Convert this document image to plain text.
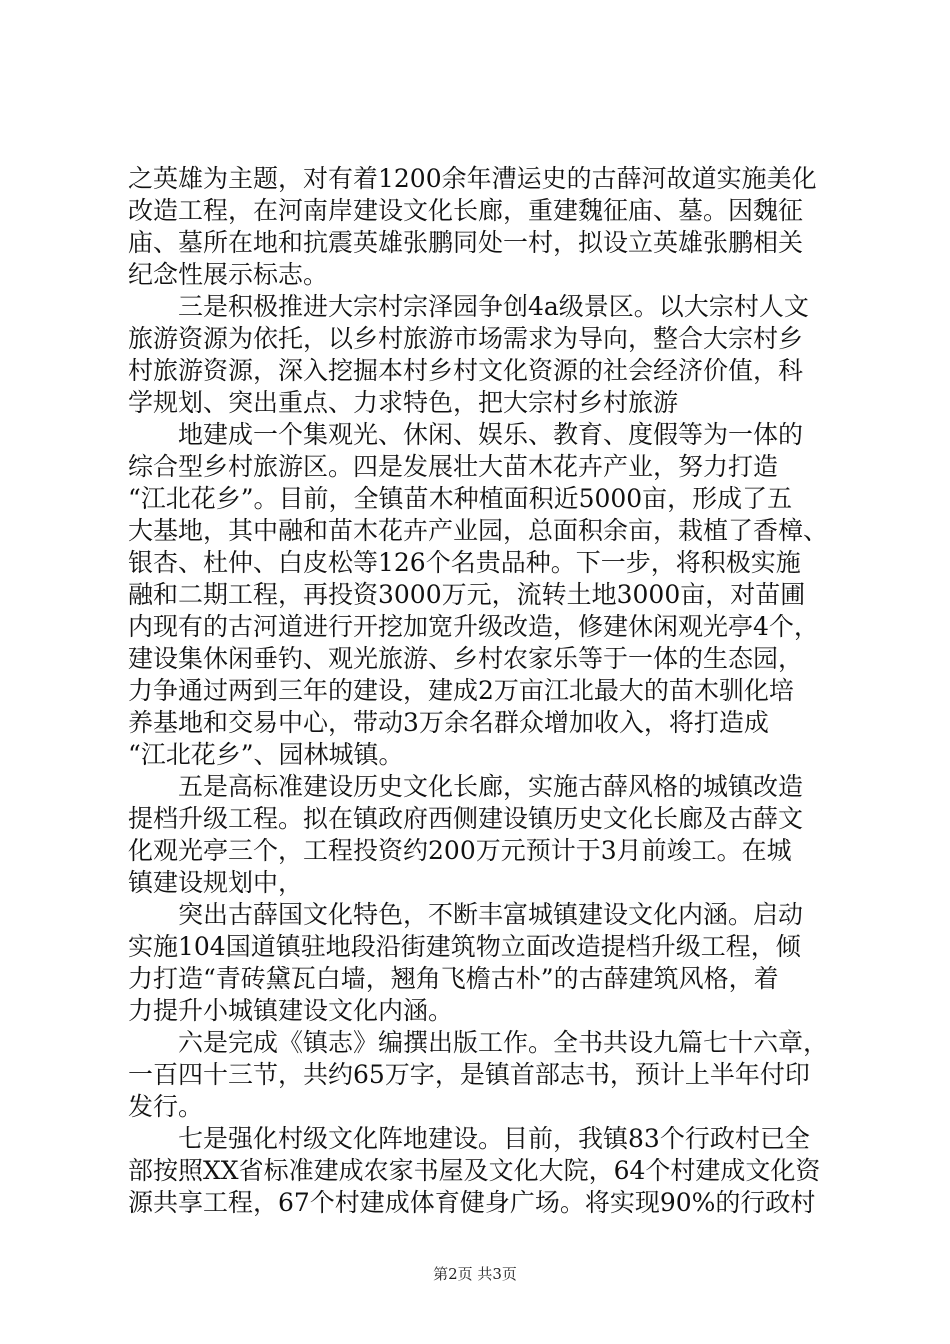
之英雄为主题，对有着1200余年漕运史的古薛河故道实施美化
改造工程，在河南岸建设文化长廊，重建魏征庙、墓。因魏征
庙、墓所在地和抗震英雄张鹏同处一村，拟设立英雄张鹏相关
纪念性展示标志。
三是积极推进大宗村宗泽园争创4a级景区。以大宗村人文
旅游资源为依托，以乡村旅游市场需求为导向，整合大宗村乡
村旅游资源，深入挖掘本村乡村文化资源的社会经济价值，科
学规划、突出重点、力求特色，把大宗村乡村旅游
地建成一个集观光、休闲、娱乐、教育、度假等为一体的
综合型乡村旅游区。四是发展壮大苗木花卉产业，努力打造
“江北花乡”。目前，全镇苗木种植面积近5000亩，形成了五
大基地，其中融和苗木花卉产业园，总面积余亩，栽植了香樟、
银杏、杜仲、白皮松等126个名贵品种。下一步，将积极实施
融和二期工程，再投资3000万元，流转土地3000亩，对苗圃
内现有的古河道进行开挖加宽升级改造，修建休闲观光亭4个，
建设集休闲垂钓、观光旅游、乡村农家乐等于一体的生态园，
力争通过两到三年的建设，建成2万亩江北最大的苗木驯化培
养基地和交易中心，带动3万余名群众增加收入，将打造成
“江北花乡”、园林城镇。
五是高标准建设历史文化长廊，实施古薛风格的城镇改造
提档升级工程。拟在镇政府西侧建设镇历史文化长廊及古薛文
化观光亭三个，工程投资约200万元预计于3月前竣工。在城
镇建设规划中，
突出古薛国文化特色，不断丰富城镇建设文化内涵。启动
实施104国道镇驻地段沿街建筑物立面改造提档升级工程，倾
力打造“青砖黛瓦白墙，翘角飞檐古朴”的古薛建筑风格，着
力提升小城镇建设文化内涵。
六是完成《镇志》编撰出版工作。全书共设九篇七十六章，
一百四十三节，共约65万字，是镇首部志书，预计上半年付印
发行。
七是强化村级文化阵地建设。目前，我镇83个行政村已全
部按照XX省标准建成农家书屋及文化大院，64个村建成文化资
源共享工程，67个村建成体育健身广场。将实现90%的行政村
第2页 共3页
